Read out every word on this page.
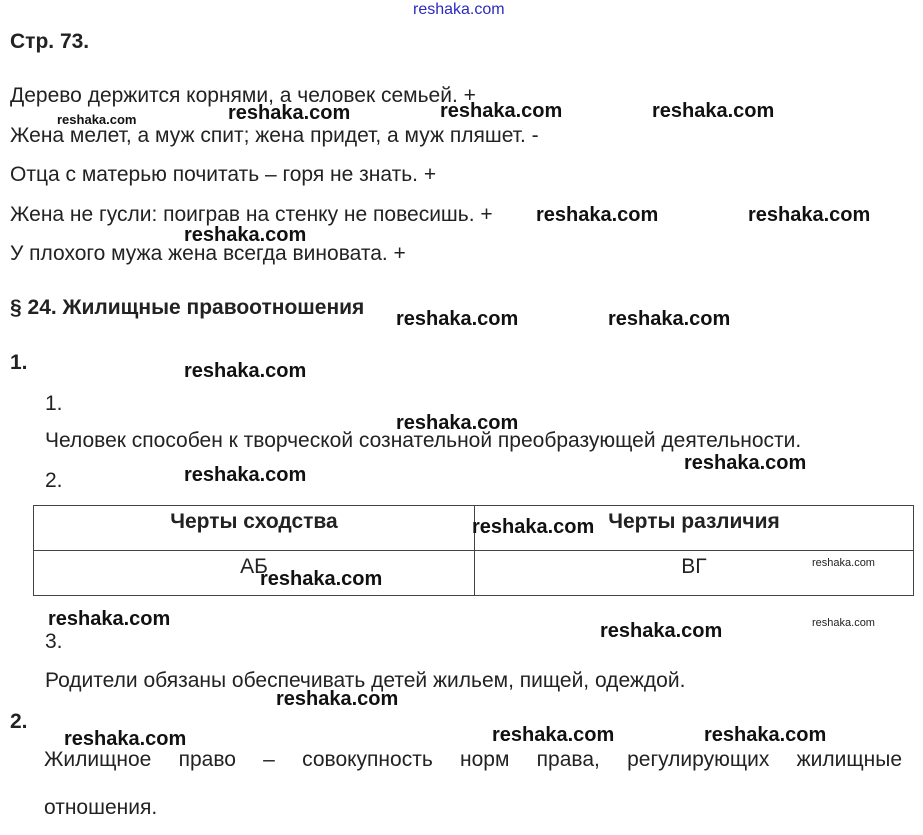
reshaka.com
Стр. 73.
Дерево держится корнями, а человек семьей. +
Жена мелет, а муж спит; жена придет, а муж пляшет. -
Отца с матерью почитать – горя не знать. +
Жена не гусли: поиграв на стенку не повесишь. +
У плохого мужа жена всегда виновата. +
§ 24. Жилищные правоотношения
1.
1.
Человек способен к творческой сознательной преобразующей деятельности.
2.
Черты сходства	Черты различия
АБ	ВГ
3.
Родители обязаны обеспечивать детей жильем, пищей, одеждой.
2.
Жилищное право – совокупность норм права, регулирующих жилищные
отношения.
reshaka.com	reshaka.com	reshaka.com
reshaka.com	reshaka.com
reshaka.com
reshaka.com	reshaka.com
reshaka.com
reshaka.com
reshaka.com
reshaka.com
reshaka.com
reshaka.com
reshaka.com
reshaka.com
reshaka.com
reshaka.com	reshaka.com
reshaka.com
reshaka.com
reshaka.com
reshaka.com
